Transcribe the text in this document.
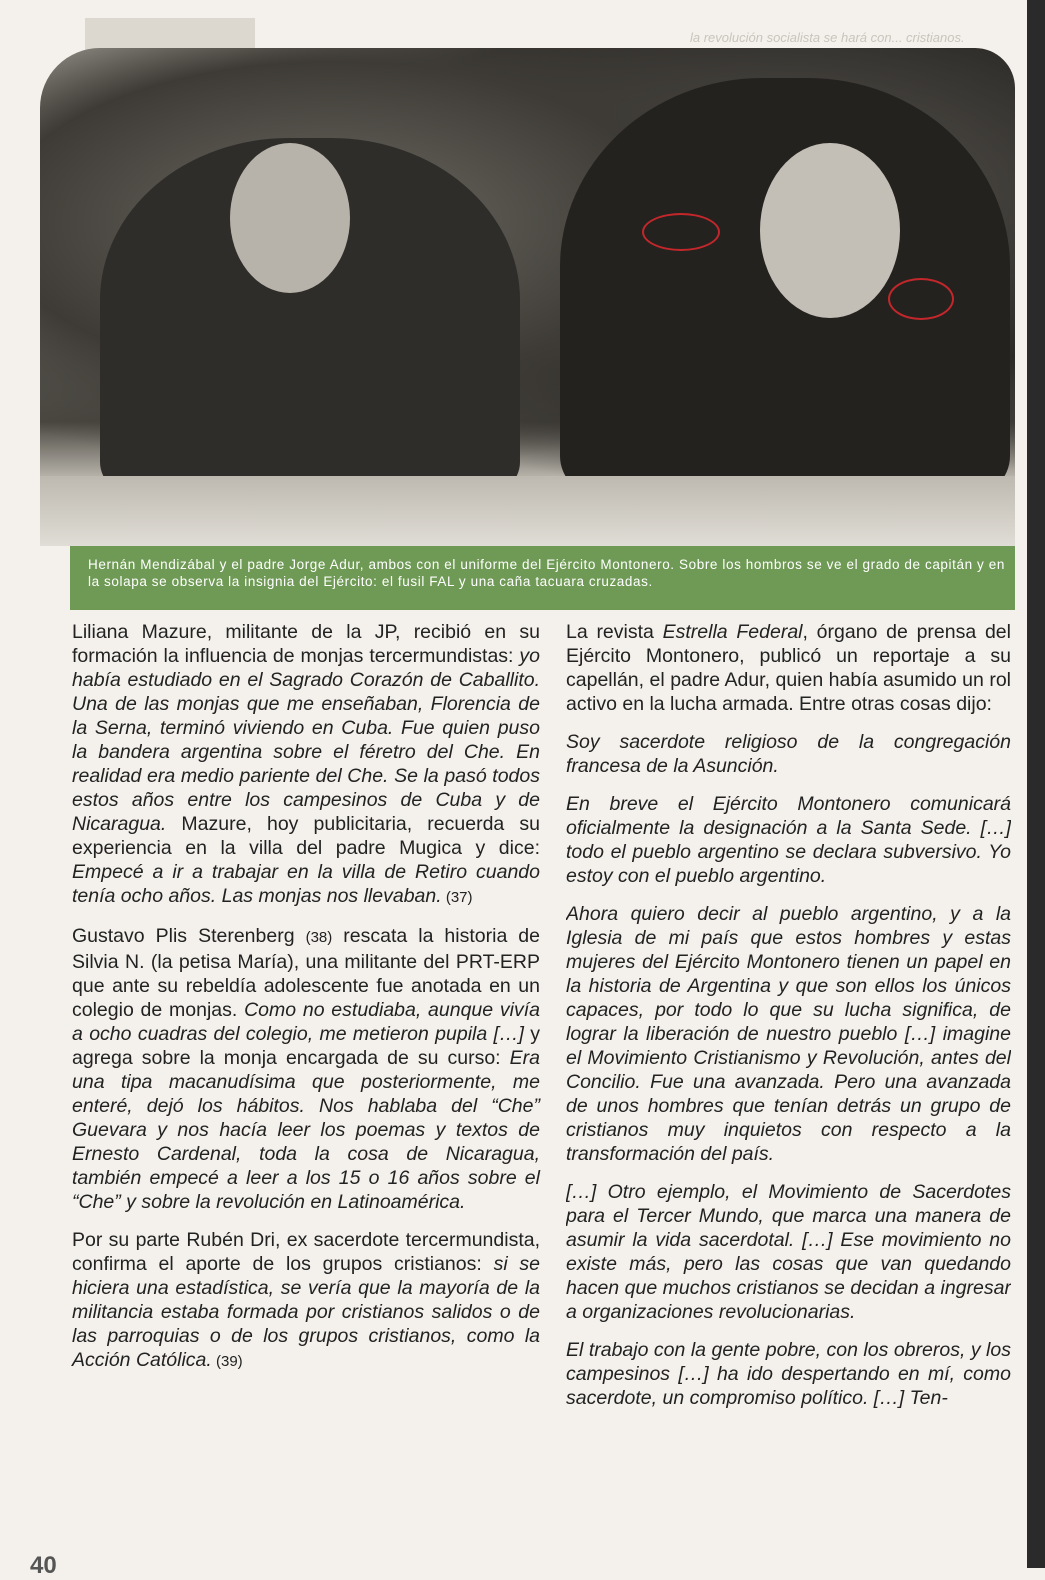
la revolución socialista se hará con... cristianos.
Hernán Mendizábal y el padre Jorge Adur, ambos con el uniforme del Ejército Montonero. Sobre los hombros se ve el grado de capitán y en la solapa se observa la insignia del Ejército: el fusil FAL y una caña tacuara cruzadas.

Liliana Mazure, militante de la JP, recibió en su formación la influencia de monjas tercermundistas: yo había estudiado en el Sagrado Corazón de Caballito. Una de las monjas que me enseñaban, Florencia de la Serna, terminó viviendo en Cuba. Fue quien puso la bandera argentina sobre el féretro del Che. En realidad era medio pariente del Che. Se la pasó todos estos años entre los campesinos de Cuba y de Nicaragua. Mazure, hoy publicitaria, recuerda su experiencia en la villa del padre Mugica y dice: Empecé a ir a trabajar en la villa de Retiro cuando tenía ocho años. Las monjas nos llevaban. (37)

Gustavo Plis Sterenberg (38) rescata la historia de Silvia N. (la petisa María), una militante del PRT-ERP que ante su rebeldía adolescente fue anotada en un colegio de monjas. Como no estudiaba, aunque vivía a ocho cuadras del colegio, me metieron pupila […] y agrega sobre la monja encargada de su curso: Era una tipa macanudísima que posteriormente, me enteré, dejó los hábitos. Nos hablaba del “Che” Guevara y nos hacía leer los poemas y textos de Ernesto Cardenal, toda la cosa de Nicaragua, también empecé a leer a los 15 o 16 años sobre el “Che” y sobre la revolución en Latinoamérica.

Por su parte Rubén Dri, ex sacerdote tercermundista, confirma el aporte de los grupos cristianos: si se hiciera una estadística, se vería que la mayoría de la militancia estaba formada por cristianos salidos o de las parroquias o de los grupos cristianos, como la Acción Católica. (39)

La revista Estrella Federal, órgano de prensa del Ejército Montonero, publicó un reportaje a su capellán, el padre Adur, quien había asumido un rol activo en la lucha armada. Entre otras cosas dijo:

Soy sacerdote religioso de la congregación francesa de la Asunción.

En breve el Ejército Montonero comunicará oficialmente la designación a la Santa Sede. […] todo el pueblo argentino se declara subversivo. Yo estoy con el pueblo argentino.

Ahora quiero decir al pueblo argentino, y a la Iglesia de mi país que estos hombres y estas mujeres del Ejército Montonero tienen un papel en la historia de Argentina y que son ellos los únicos capaces, por todo lo que su lucha significa, de lograr la liberación de nuestro pueblo […] imagine el Movimiento Cristianismo y Revolución, antes del Concilio. Fue una avanzada. Pero una avanzada de unos hombres que tenían detrás un grupo de cristianos muy inquietos con respecto a la transformación del país.

[…] Otro ejemplo, el Movimiento de Sacerdotes para el Tercer Mundo, que marca una manera de asumir la vida sacerdotal. […] Ese movimiento no existe más, pero las cosas que van quedando hacen que muchos cristianos se decidan a ingresar a organizaciones revolucionarias.

El trabajo con la gente pobre, con los obreros, y los campesinos […] ha ido despertando en mí, como sacerdote, un compromiso político. […] Ten-

40
